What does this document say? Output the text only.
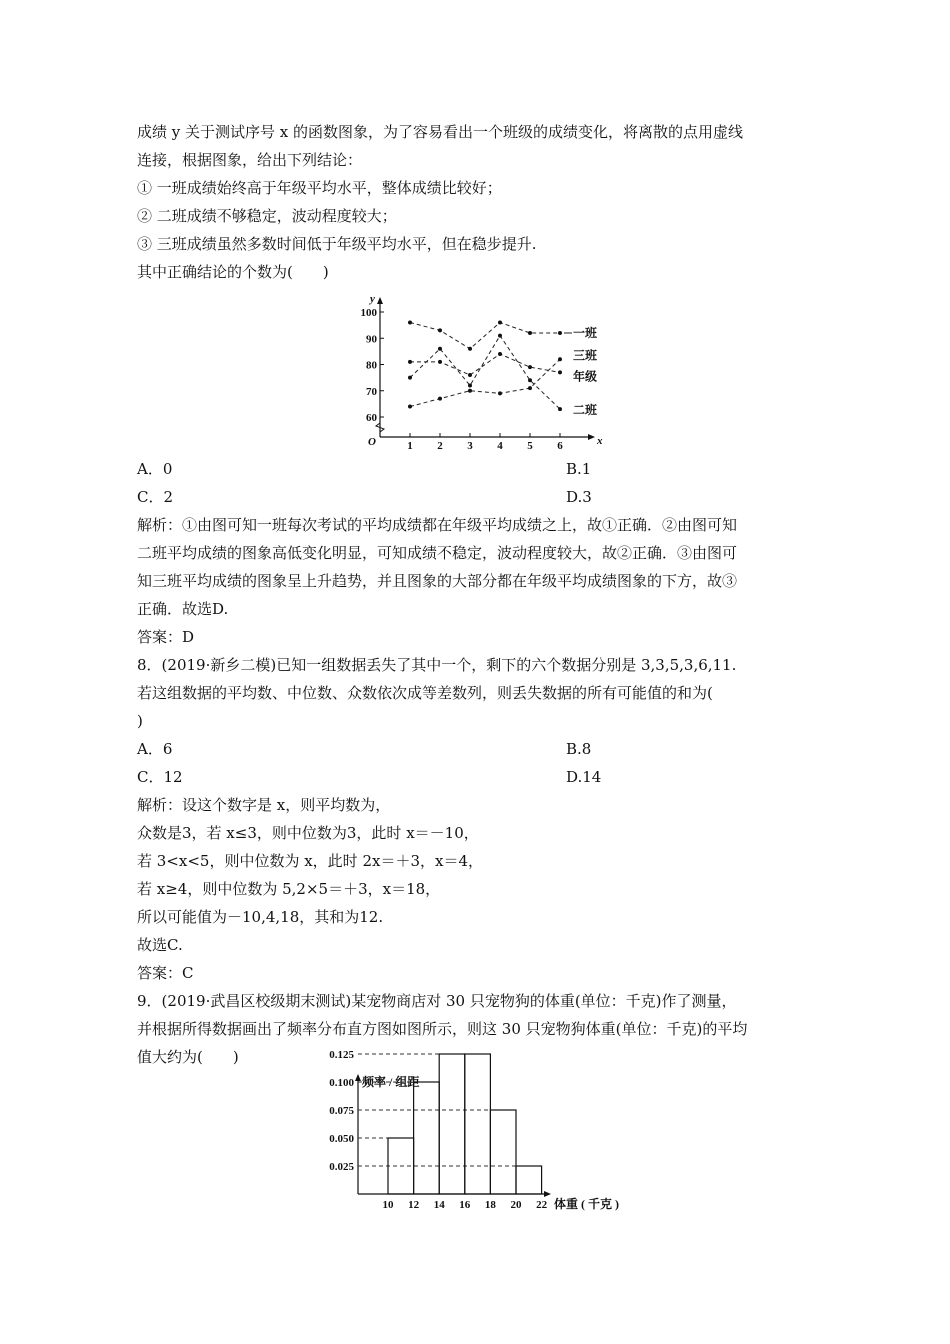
成绩 y 关于测试序号 x 的函数图象，为了容易看出一个班级的成绩变化，将离散的点用虚线
连接，根据图象，给出下列结论：
① 一班成绩始终高于年级平均水平，整体成绩比较好；
② 二班成绩不够稳定，波动程度较大；
③ 三班成绩虽然多数时间低于年级平均水平，但在稳步提升.
其中正确结论的个数为(　　)
y
x
O
60
70
80
90
100
1 2 3 4 5 6
一班
二班
三班
年级
A．0	B.1
C．2	D.3
解析：①由图可知一班每次考试的平均成绩都在年级平均成绩之上，故①正确．②由图可知
二班平均成绩的图象高低变化明显，可知成绩不稳定，波动程度较大，故②正确．③由图可
知三班平均成绩的图象呈上升趋势，并且图象的大部分都在年级平均成绩图象的下方，故③
正确．故选D.
答案：D
8．(2019·新乡二模)已知一组数据丢失了其中一个，剩下的六个数据分别是 3,3,5,3,6,11.
若这组数据的平均数、中位数、众数依次成等差数列，则丢失数据的所有可能值的和为(
)
A．6	B.8
C．12	D.14
解析：设这个数字是 x，则平均数为，
众数是3，若 x≤3，则中位数为3，此时 x＝－10，
若 3<x<5，则中位数为 x，此时 2x＝＋3，x＝4，
若 x≥4，则中位数为 5,2×5＝＋3，x＝18，
所以可能值为－10,4,18，其和为12.
故选C.
答案：C
9．(2019·武昌区校级期末测试)某宠物商店对 30 只宠物狗的体重(单位：千克)作了测量，
并根据所得数据画出了频率分布直方图如图所示，则这 30 只宠物狗体重(单位：千克)的平均
值大约为(　　)
频率 / 组距
体重 ( 千克 )
0.025
0.050
0.075
0.100
0.125
10 12 14 16 18 20 22
